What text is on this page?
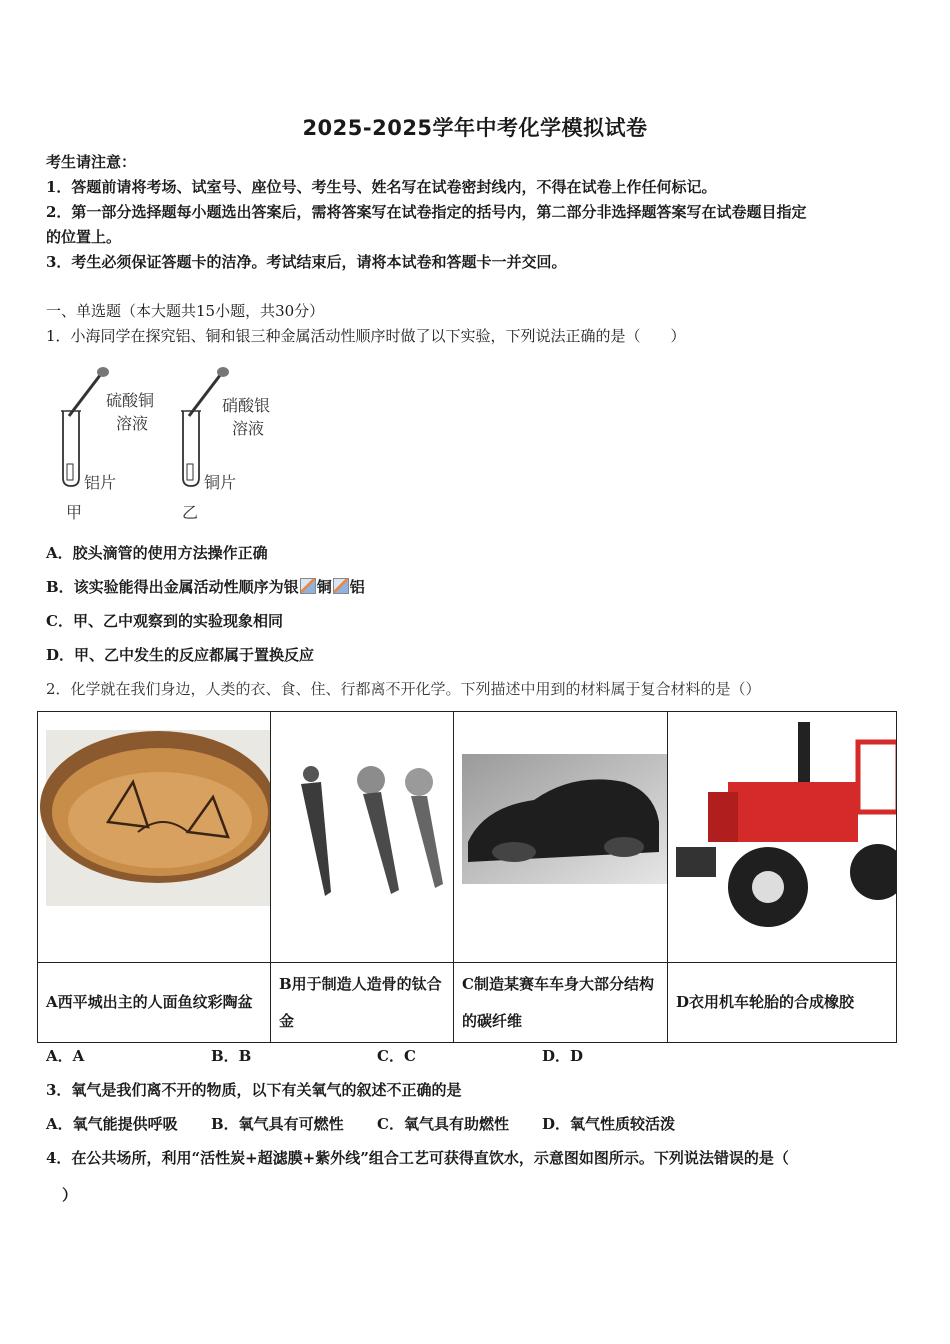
2025-2025学年中考化学模拟试卷
考生请注意：
1．答题前请将考场、试室号、座位号、考生号、姓名写在试卷密封线内，不得在试卷上作任何标记。
2．第一部分选择题每小题选出答案后，需将答案写在试卷指定的括号内，第二部分非选择题答案写在试卷题目指定
的位置上。
3．考生必须保证答题卡的洁净。考试结束后，请将本试卷和答题卡一并交回。
一、单选题（本大题共15小题，共30分）
1．小海同学在探究铝、铜和银三种金属活动性顺序时做了以下实验，下列说法正确的是（　　）
硫酸铜
溶液
铝片
甲
硝酸银
溶液
铜片
乙
A．胶头滴管的使用方法操作正确
B．该实验能得出金属活动性顺序为银 铜 铝
C．甲、乙中观察到的实验现象相同
D．甲、乙中发生的反应都属于置换反应
2．化学就在我们身边，人类的衣、食、住、行都离不开化学。下列描述中用到的材料属于复合材料的是（）

A西平城出主的人面鱼纹彩陶盆	B用于制造人造骨的钛合金	C制造某赛车车身大部分结构的碳纤维	D衣用机车轮胎的合成橡胶
A．A	B．B	C．C	D．D
3．氧气是我们离不开的物质，以下有关氧气的叙述不正确的是
A．氧气能提供呼吸 B．氧气具有可燃性 C．氧气具有助燃性 D．氧气性质较活泼
4．在公共场所，利用“活性炭+超滤膜+紫外线”组合工艺可获得直饮水，示意图如图所示。下列说法错误的是（
）
